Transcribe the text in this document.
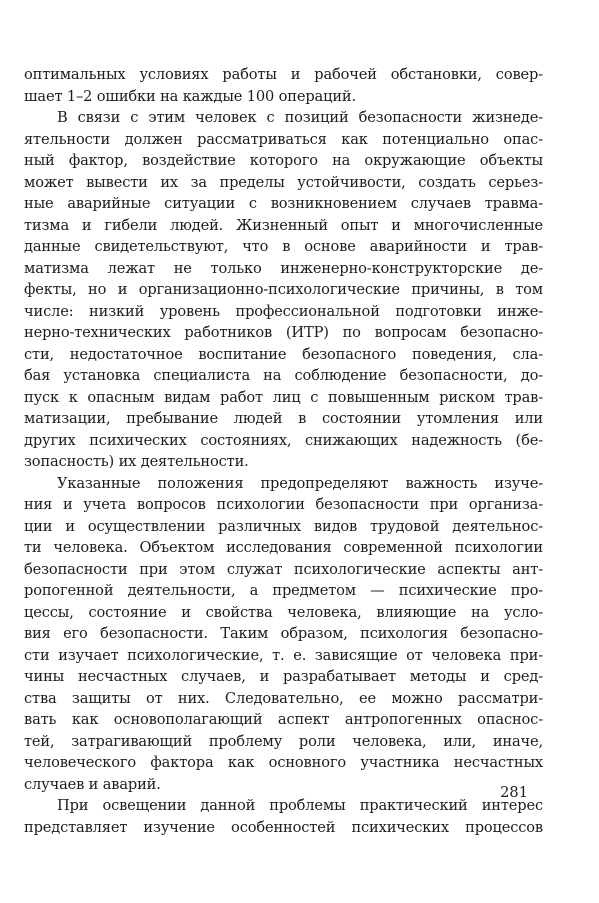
оптимальных условиях работы и рабочей обстановки, совер-
шает 1–2 ошибки на каждые 100 операций.
В связи с этим человек с позиций безопасности жизнеде-
ятельности должен рассматриваться как потенциально опас-
ный фактор, воздействие которого на окружающие объекты
может вывести их за пределы устойчивости, создать серьез-
ные аварийные ситуации с возникновением случаев травма-
тизма и гибели людей. Жизненный опыт и многочисленные
данные свидетельствуют, что в основе аварийности и трав-
матизма лежат не только инженерно-конструкторские де-
фекты, но и организационно-психологические причины, в том
числе: низкий уровень профессиональной подготовки инже-
нерно-технических работников (ИТР) по вопросам безопасно-
сти, недостаточное воспитание безопасного поведения, сла-
бая установка специалиста на соблюдение безопасности, до-
пуск к опасным видам работ лиц с повышенным риском трав-
матизации, пребывание людей в состоянии утомления или
других психических состояниях, снижающих надежность (бе-
зопасность) их деятельности.
Указанные положения предопределяют важность изуче-
ния и учета вопросов психологии безопасности при организа-
ции и осуществлении различных видов трудовой деятельнос-
ти человека. Объектом исследования современной психологии
безопасности при этом служат психологические аспекты ант-
ропогенной деятельности, а предметом — психические про-
цессы, состояние и свойства человека, влияющие на усло-
вия его безопасности. Таким образом, психология безопасно-
сти изучает психологические, т. е. зависящие от человека при-
чины несчастных случаев, и разрабатывает методы и сред-
ства защиты от них. Следовательно, ее можно рассматри-
вать как основополагающий аспект антропогенных опаснос-
тей, затрагивающий проблему роли человека, или, иначе,
человеческого фактора как основного участника несчастных
случаев и аварий.
При освещении данной проблемы практический интерес
представляет изучение особенностей психических процессов
281
